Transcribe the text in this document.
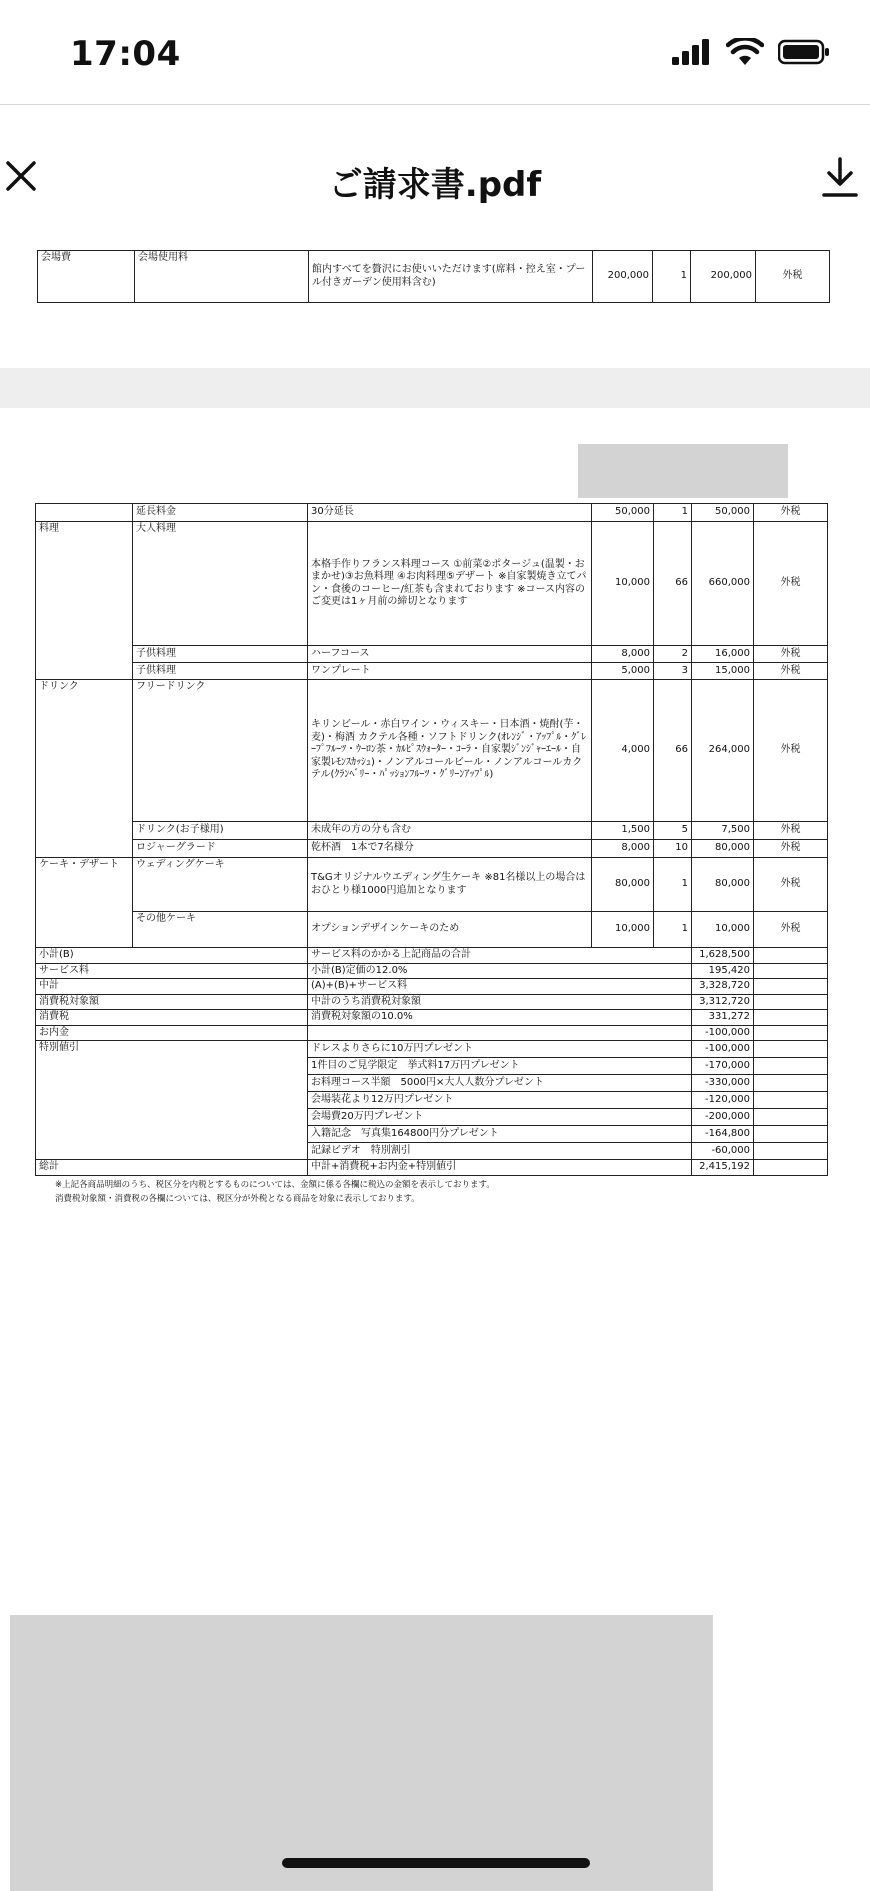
17:04
ご請求書.pdf
会場費	会場使用料	館内すべてを贅沢にお使いいただけます(席料・控え室・プール付きガーデン使用料含む)	200,000	1	200,000	外税
	延長料金	30分延長	50,000	1	50,000	外税
料理	大人料理	本格手作りフランス料理コース ①前菜②ポタージュ(温製・おまかせ)③お魚料理 ④お肉料理⑤デザート ※自家製焼き立てパン・食後のコーヒー/紅茶も含まれております ※コース内容のご変更は1ヶ月前の締切となります	10,000	66	660,000	外税
	子供料理	ハーフコース	8,000	2	16,000	外税
	子供料理	ワンプレート	5,000	3	15,000	外税
ドリンク	フリードリンク	キリンビール・赤白ワイン・ウィスキー・日本酒・焼酎(芋・麦)・梅酒 カクテル各種・ソフトドリンク(ｵﾚﾝｼﾞ・ｱｯﾌﾟﾙ・ｸﾞﾚｰﾌﾟﾌﾙｰﾂ・ｳｰﾛﾝ茶・ｶﾙﾋﾟｽｳｫｰﾀｰ・ｺｰﾗ・自家製ｼﾞﾝｼﾞｬｰｴｰﾙ・自家製ﾚﾓﾝｽｶｯｼｭ)・ノンアルコールビール・ノンアルコールカクテル(ｸﾗﾝﾍﾞﾘｰ・ﾊﾟｯｼｮﾝﾌﾙｰﾂ・ｸﾞﾘｰﾝｱｯﾌﾟﾙ)	4,000	66	264,000	外税
	ドリンク(お子様用)	未成年の方の分も含む	1,500	5	7,500	外税
	ロジャーグラード	乾杯酒　1本で7名様分	8,000	10	80,000	外税
ケーキ・デザート	ウェディングケーキ	T&Gオリジナルウエディング生ケーキ ※81名様以上の場合はおひとり様1000円追加となります	80,000	1	80,000	外税
	その他ケーキ	オプションデザインケーキのため	10,000	1	10,000	外税
小計(B)		サービス料のかかる上記商品の合計			1,628,500	
サービス料		小計(B)定価の12.0%			195,420	
中計		(A)+(B)+サービス料			3,328,720	
消費税対象額		中計のうち消費税対象額			3,312,720	
消費税		消費税対象額の10.0%			331,272	
お内金					-100,000	
特別値引		ドレスよりさらに10万円プレゼント			-100,000	
		1件目のご見学限定　挙式料17万円プレゼント			-170,000	
		お料理コース半額　5000円×大人人数分プレゼント			-330,000	
		会場装花より12万円プレゼント			-120,000	
		会場費20万円プレゼント			-200,000	
		入籍記念　写真集164800円分プレゼント			-164,800	
		記録ビデオ　特別割引			-60,000	
総計		中計+消費税+お内金+特別値引			2,415,192	
※上記各商品明細のうち、税区分を内税とするものについては、金額に係る各欄に税込の金額を表示しております。
消費税対象額・消費税の各欄については、税区分が外税となる商品を対象に表示しております。
